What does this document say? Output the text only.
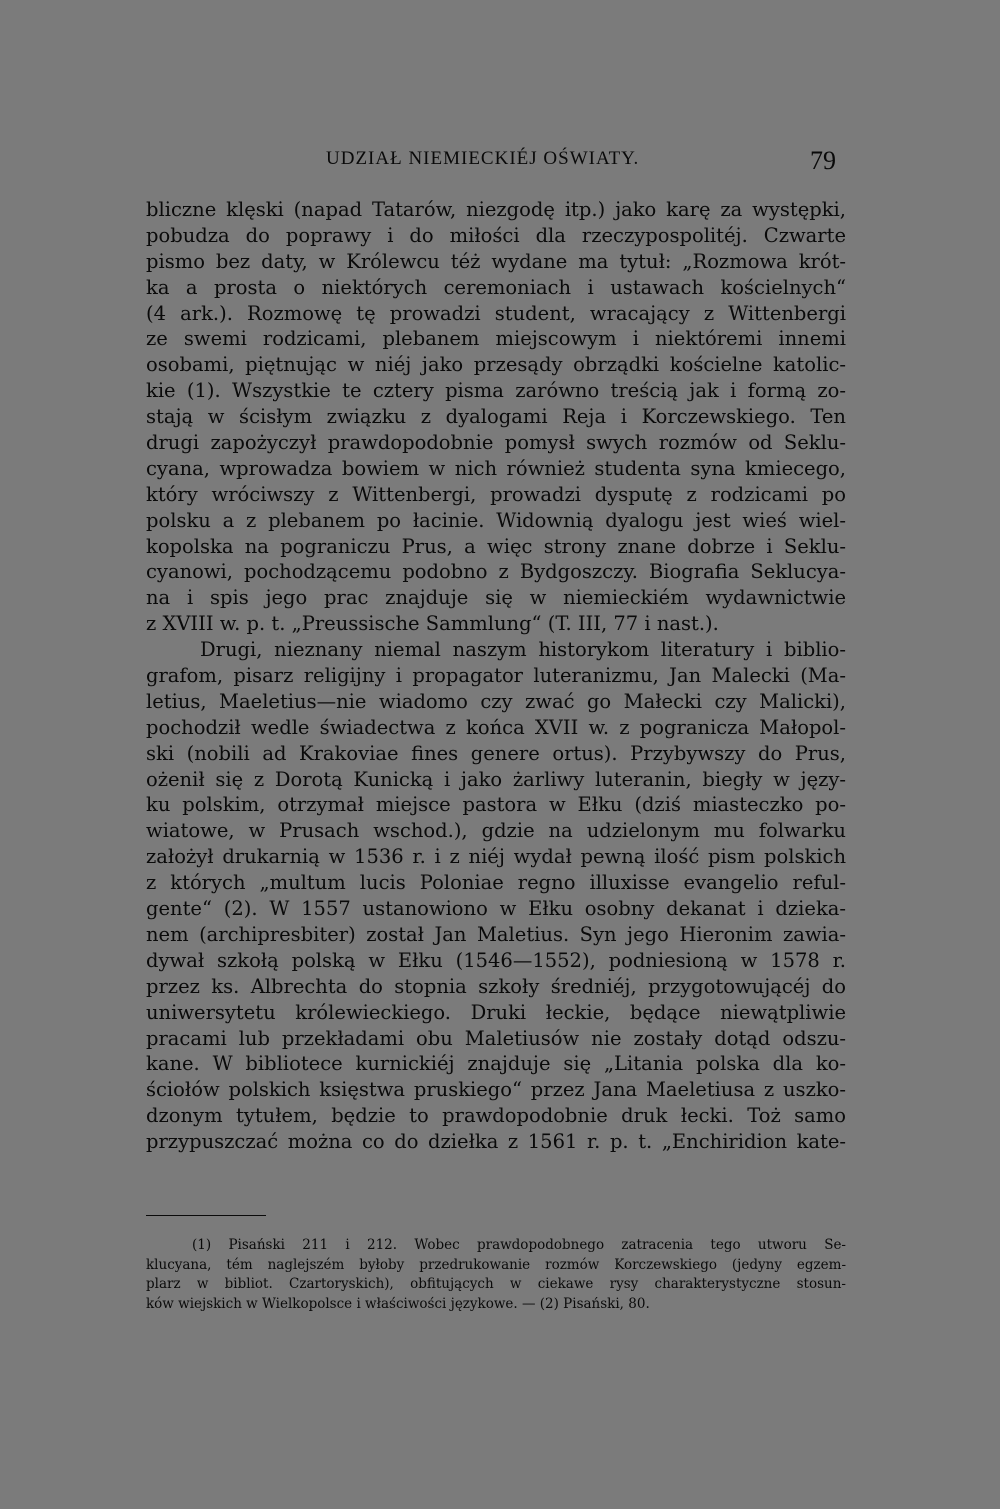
UDZIAŁ NIEMIECKIÉJ OŚWIATY.	79
bliczne klęski (napad Tatarów, niezgodę itp.) jako karę za występki,
pobudza do poprawy i do miłości dla rzeczypospolitéj. Czwarte
pismo bez daty, w Królewcu téż wydane ma tytuł: „Rozmowa krót-
ka a prosta o niektórych ceremoniach i ustawach kościelnych“
(4 ark.). Rozmowę tę prowadzi student, wracający z Wittenbergi
ze swemi rodzicami, plebanem miejscowym i niektóremi innemi
osobami, piętnując w niéj jako przesądy obrządki kościelne katolic-
kie (1). Wszystkie te cztery pisma zarówno treścią jak i formą zo-
stają w ścisłym związku z dyalogami Reja i Korczewskiego. Ten
drugi zapożyczył prawdopodobnie pomysł swych rozmów od Seklu-
cyana, wprowadza bowiem w nich również studenta syna kmiecego,
który wróciwszy z Wittenbergi, prowadzi dysputę z rodzicami po
polsku a z plebanem po łacinie. Widownią dyalogu jest wieś wiel-
kopolska na pograniczu Prus, a więc strony znane dobrze i Seklu-
cyanowi, pochodzącemu podobno z Bydgoszczy. Biografia Seklucya-
na i spis jego prac znajduje się w niemieckiém wydawnictwie
z XVIII w. p. t. „Preussische Sammlung“ (T. III, 77 i nast.).
Drugi, nieznany niemal naszym historykom literatury i biblio-
grafom, pisarz religijny i propagator luteranizmu, Jan Malecki (Ma-
letius, Maeletius—nie wiadomo czy zwać go Małecki czy Malicki),
pochodził wedle świadectwa z końca XVII w. z pogranicza Małopol-
ski (nobili ad Krakoviae fines genere ortus). Przybywszy do Prus,
ożenił się z Dorotą Kunicką i jako żarliwy luteranin, biegły w języ-
ku polskim, otrzymał miejsce pastora w Ełku (dziś miasteczko po-
wiatowe, w Prusach wschod.), gdzie na udzielonym mu folwarku
założył drukarnią w 1536 r. i z niéj wydał pewną ilość pism polskich
z których „multum lucis Poloniae regno illuxisse evangelio reful-
gente“ (2). W 1557 ustanowiono w Ełku osobny dekanat i dzieka-
nem (archipresbiter) został Jan Maletius. Syn jego Hieronim zawia-
dywał szkołą polską w Ełku (1546—1552), podniesioną w 1578 r.
przez ks. Albrechta do stopnia szkoły średniéj, przygotowującéj do
uniwersytetu królewieckiego. Druki łeckie, będące niewątpliwie
pracami lub przekładami obu Maletiusów nie zostały dotąd odszu-
kane. W bibliotece kurnickiéj znajduje się „Litania polska dla ko-
ściołów polskich księstwa pruskiego“ przez Jana Maeletiusa z uszko-
dzonym tytułem, będzie to prawdopodobnie druk łecki. Toż samo
przypuszczać można co do dziełka z 1561 r. p. t. „Enchiridion kate-
(1) Pisański 211 i 212. Wobec prawdopodobnego zatracenia tego utworu Se-
klucyana, tém naglejszém byłoby przedrukowanie rozmów Korczewskiego (jedyny egzem-
plarz w bibliot. Czartoryskich), obfitujących w ciekawe rysy charakterystyczne stosun-
ków wiejskich w Wielkopolsce i właściwości językowe. — (2) Pisański, 80.
